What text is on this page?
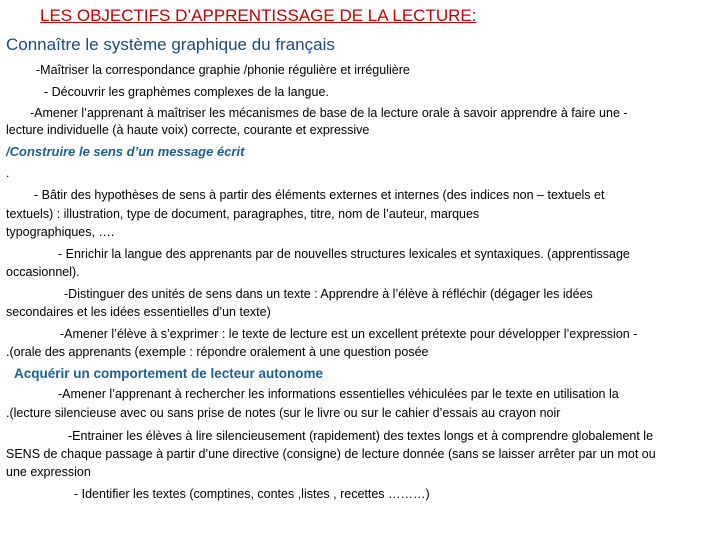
LES OBJECTIFS D’APPRENTISSAGE DE LA LECTURE:
Connaître le système graphique du français
-Maîtriser la correspondance graphie /phonie régulière et irrégulière
- Découvrir les graphèmes complexes de la langue.
-Amener l’apprenant à maîtriser les mécanismes de base de la lecture orale à savoir apprendre à faire une -
lecture individuelle (à haute voix) correcte, courante et expressive
/Construire le sens d’un message écrit
.
- Bâtir des hypothèses de sens à partir des éléments externes et internes (des indices non – textuels et
textuels) : illustration, type de document, paragraphes, titre, nom de l’auteur, marques
typographiques, ….
- Enrichir la langue des apprenants par de nouvelles structures lexicales et syntaxiques. (apprentissage
occasionnel).
-Distinguer des unités de sens dans un texte : Apprendre à l’élève à réfléchir (dégager les idées
secondaires et les idées essentielles d’un texte)
-Amener l’élève à s’exprimer : le texte de lecture est un excellent prétexte pour développer l’expression -
.(orale des apprenants (exemple : répondre oralement à une question posée
Acquérir un comportement de lecteur autonome
-Amener l’apprenant à rechercher les informations essentielles véhiculées par le texte en utilisation la
.(lecture silencieuse avec ou sans prise de notes (sur le livre ou sur le cahier d’essais au crayon noir
-Entrainer les élèves à lire silencieusement (rapidement) des textes longs et à comprendre globalement le
SENS de chaque passage à partir d’une directive (consigne) de lecture donnée (sans se laisser arrêter par un mot ou
une expression
- Identifier les textes (comptines, contes ,listes , recettes ………)
